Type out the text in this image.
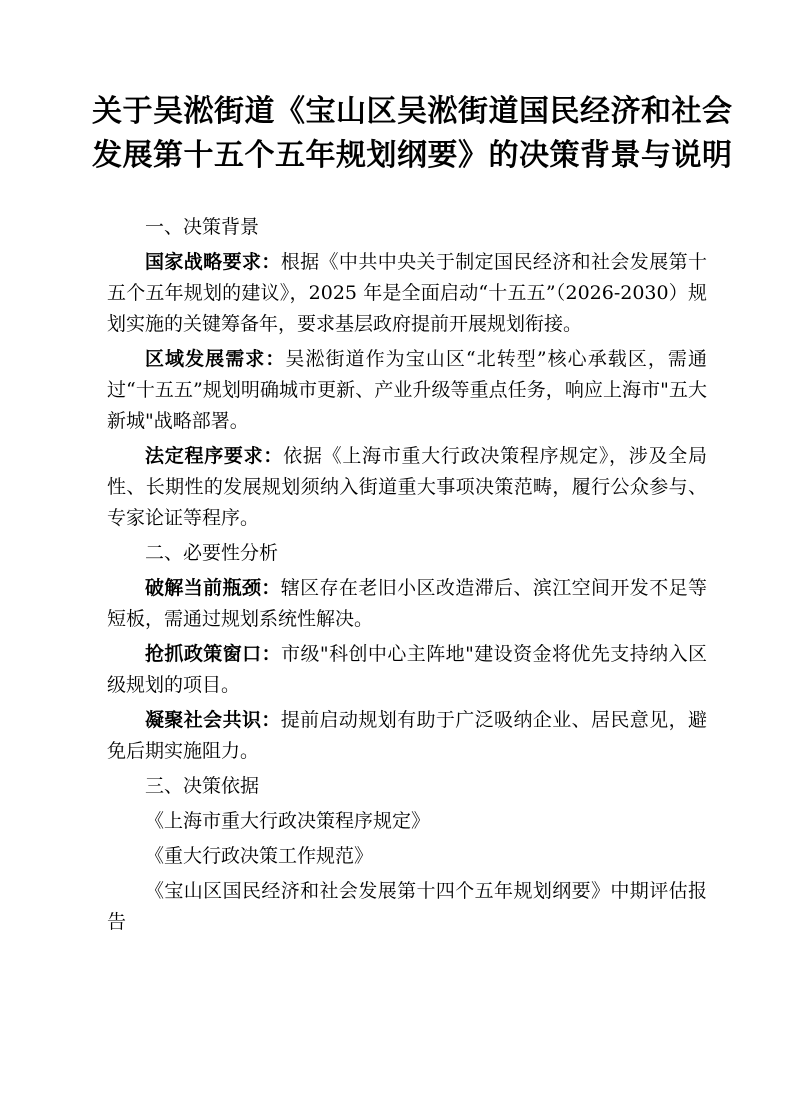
关于吴淞街道《宝山区吴淞街道国民经济和社会
发展第十五个五年规划纲要》的决策背景与说明

一、决策背景

国家战略要求：根据《中共中央关于制定国民经济和社会发展第十五个五年规划的建议》，2025 年是全面启动“十五五”（2026-2030）规划实施的关键筹备年，要求基层政府提前开展规划衔接。

区域发展需求：吴淞街道作为宝山区“北转型”核心承载区，需通过“十五五”规划明确城市更新、产业升级等重点任务，响应上海市"五大新城"战略部署。

法定程序要求：依据《上海市重大行政决策程序规定》，涉及全局性、长期性的发展规划须纳入街道重大事项决策范畴，履行公众参与、专家论证等程序。

二、必要性分析

破解当前瓶颈：辖区存在老旧小区改造滞后、滨江空间开发不足等短板，需通过规划系统性解决。

抢抓政策窗口：市级"科创中心主阵地"建设资金将优先支持纳入区级规划的项目。

凝聚社会共识：提前启动规划有助于广泛吸纳企业、居民意见，避免后期实施阻力。

三、决策依据

《上海市重大行政决策程序规定》

《重大行政决策工作规范》

《宝山区国民经济和社会发展第十四个五年规划纲要》中期评估报告
